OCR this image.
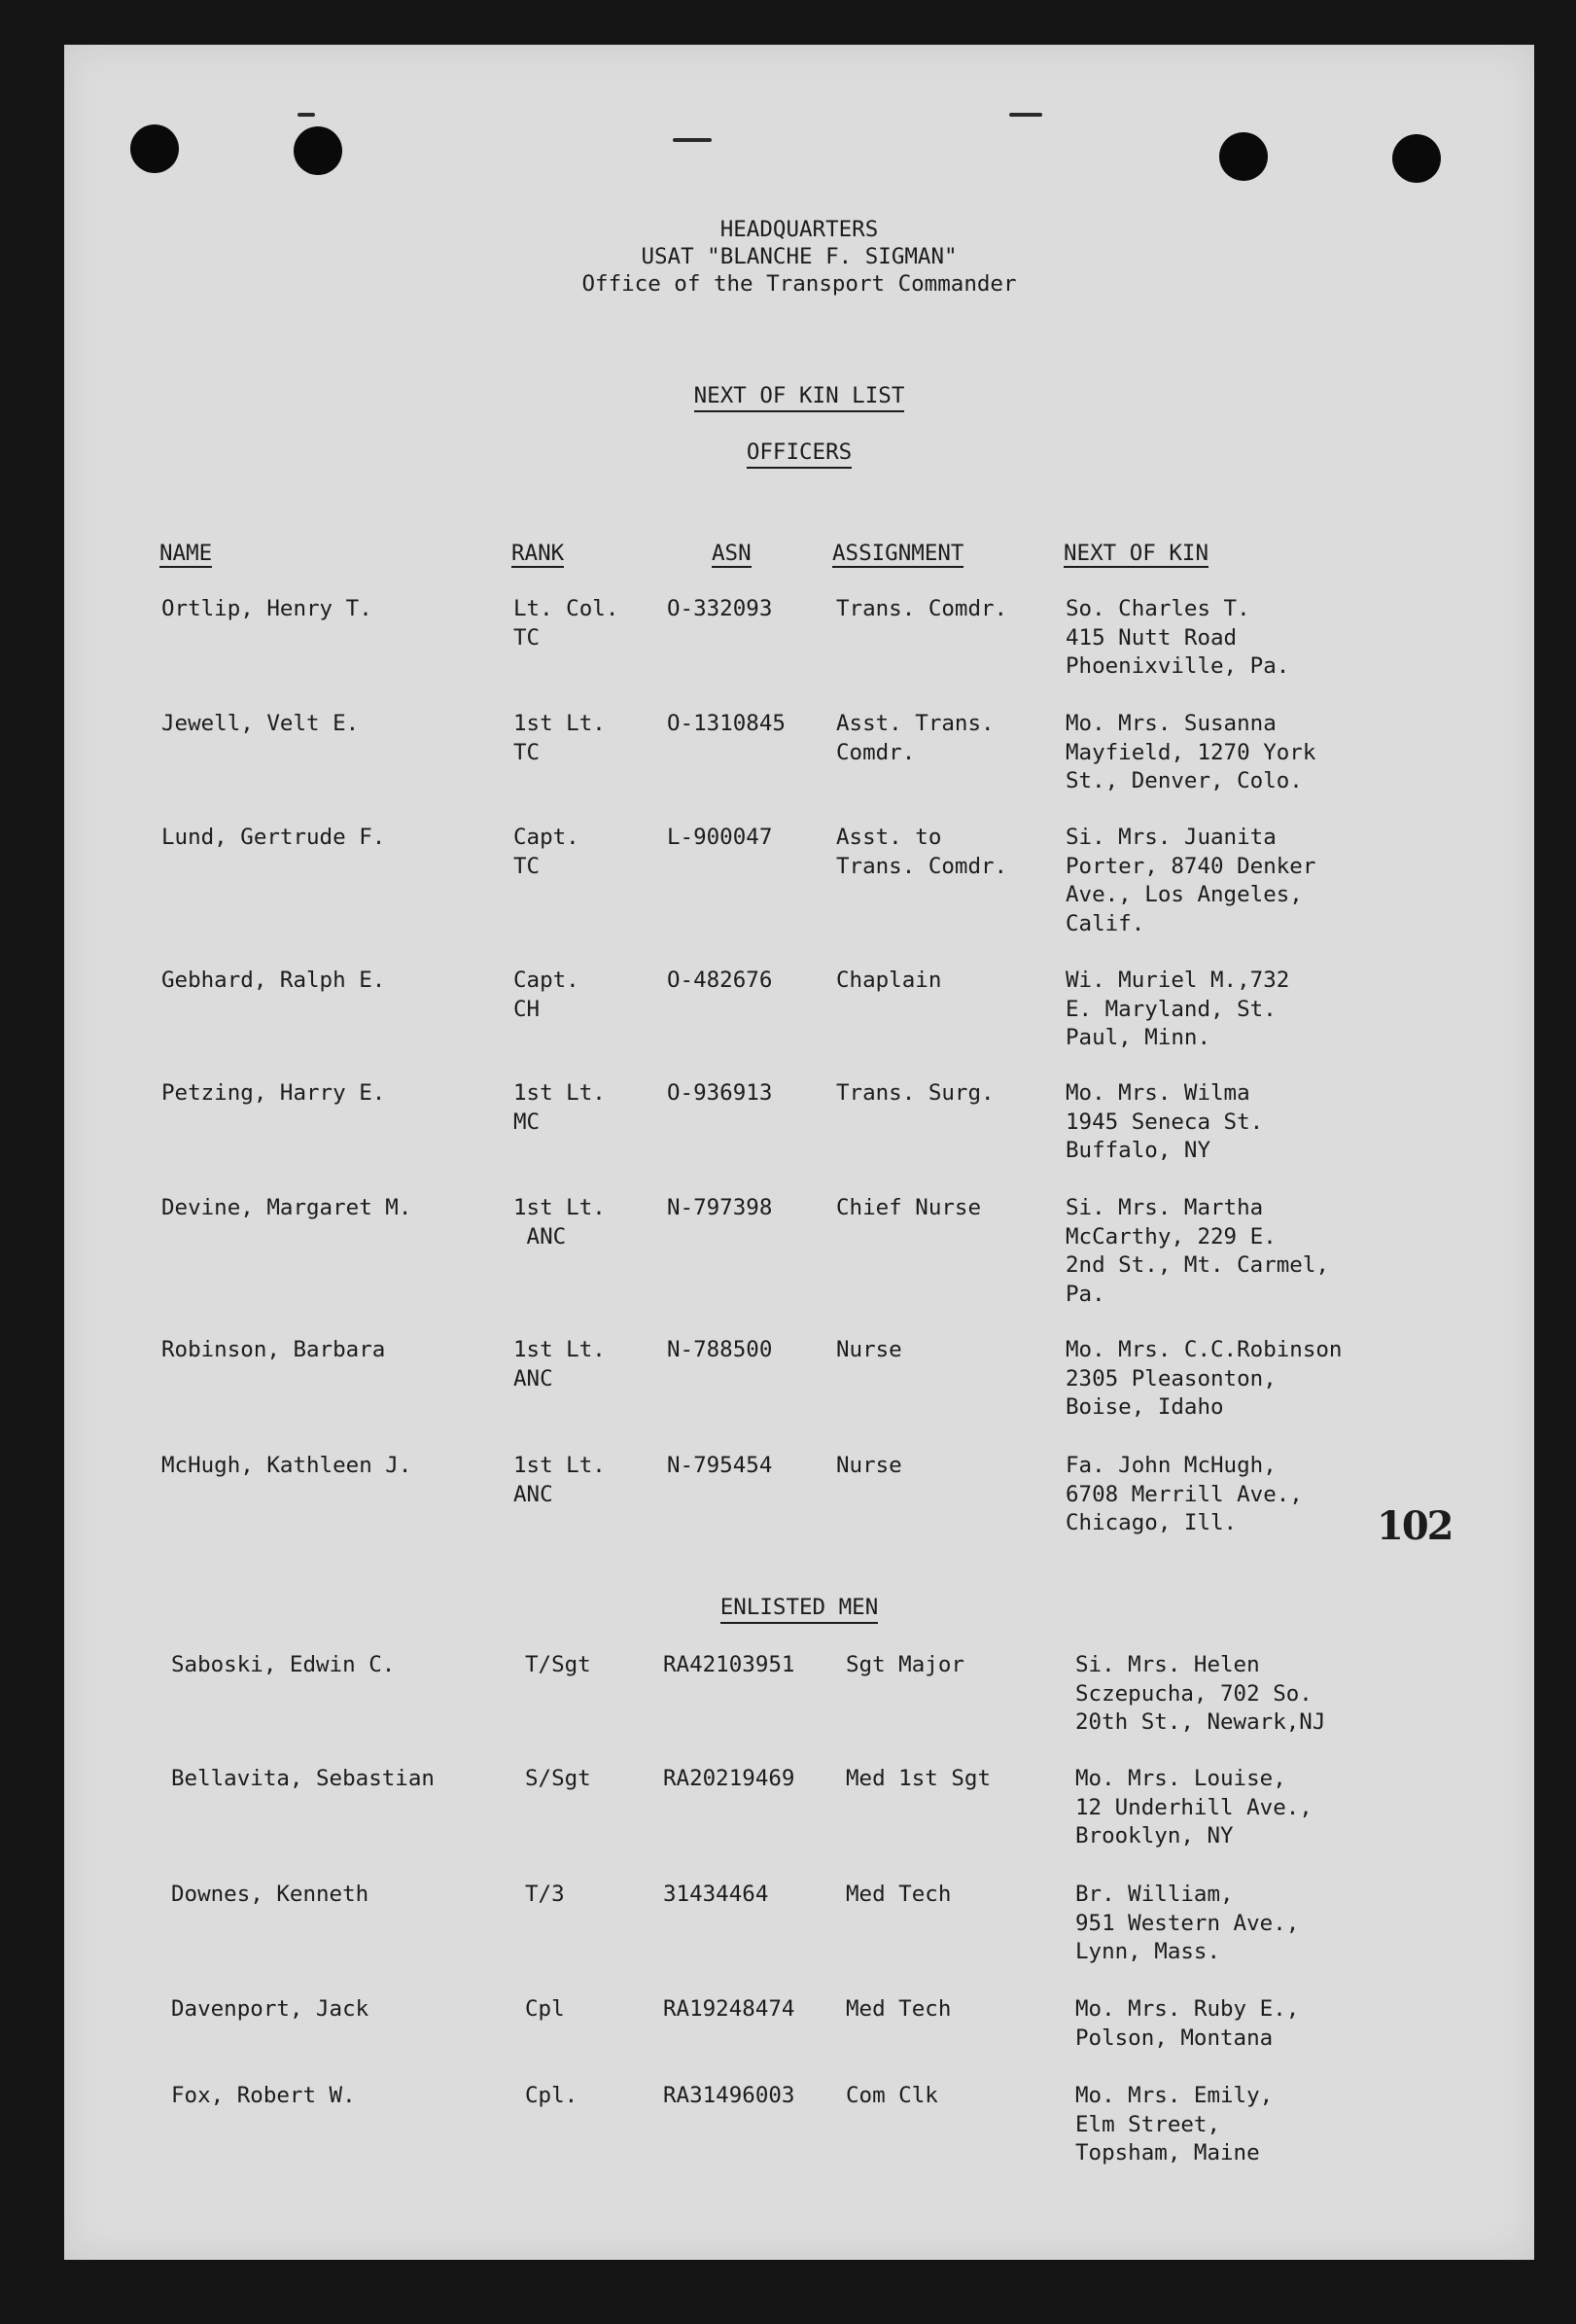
HEADQUARTERS
USAT "BLANCHE F. SIGMAN"
Office of the Transport Commander
NEXT OF KIN LIST
OFFICERS
NAME	RANK	ASN	ASSIGNMENT	NEXT OF KIN
Ortlip, Henry T.	Lt. Col.
TC
O-332093	Trans. Comdr.	So. Charles T.
415 Nutt Road
Phoenixville, Pa.
Jewell, Velt E.	1st Lt.
TC
O-1310845 Asst. Trans.
Comdr.
Mo. Mrs. Susanna
Mayfield, 1270 York
St., Denver, Colo.
Lund, Gertrude F.	Capt.
TC
L-900047	Asst. to
Trans. Comdr.
Si. Mrs. Juanita
Porter, 8740 Denker
Ave., Los Angeles,
Calif.
Gebhard, Ralph E.	Capt.
CH
O-482676	Chaplain	Wi. Muriel M.,732
E. Maryland, St.
Paul, Minn.
Petzing, Harry E.	1st Lt.
MC
O-936913	Trans. Surg.	Mo. Mrs. Wilma
1945 Seneca St.
Buffalo, NY
Devine, Margaret M.	1st Lt.
ANC
N-797398	Chief Nurse	Si. Mrs. Martha
McCarthy, 229 E.
2nd St., Mt. Carmel,
Pa.
Robinson, Barbara	1st Lt.
ANC
N-788500	Nurse	Mo. Mrs. C.C.Robinson
2305 Pleasonton,
Boise, Idaho
McHugh, Kathleen J.	1st Lt.
ANC
N-795454	Nurse	Fa. John McHugh,
6708 Merrill Ave.,
Chicago, Ill.	102
ENLISTED MEN
Saboski, Edwin C.	T/Sgt	RA42103951 Sgt Major	Si. Mrs. Helen
Sczepucha, 702 So.
20th St., Newark,NJ
Bellavita, Sebastian	S/Sgt	RA20219469 Med 1st Sgt	Mo. Mrs. Louise,
12 Underhill Ave.,
Brooklyn, NY
Downes, Kenneth	T/3	31434464	Med Tech	Br. William,
951 Western Ave.,
Lynn, Mass.
Davenport, Jack	Cpl	RA19248474 Med Tech	Mo. Mrs. Ruby E.,
Polson, Montana
Fox, Robert W.	Cpl.	RA31496003 Com Clk	Mo. Mrs. Emily,
Elm Street,
Topsham, Maine
